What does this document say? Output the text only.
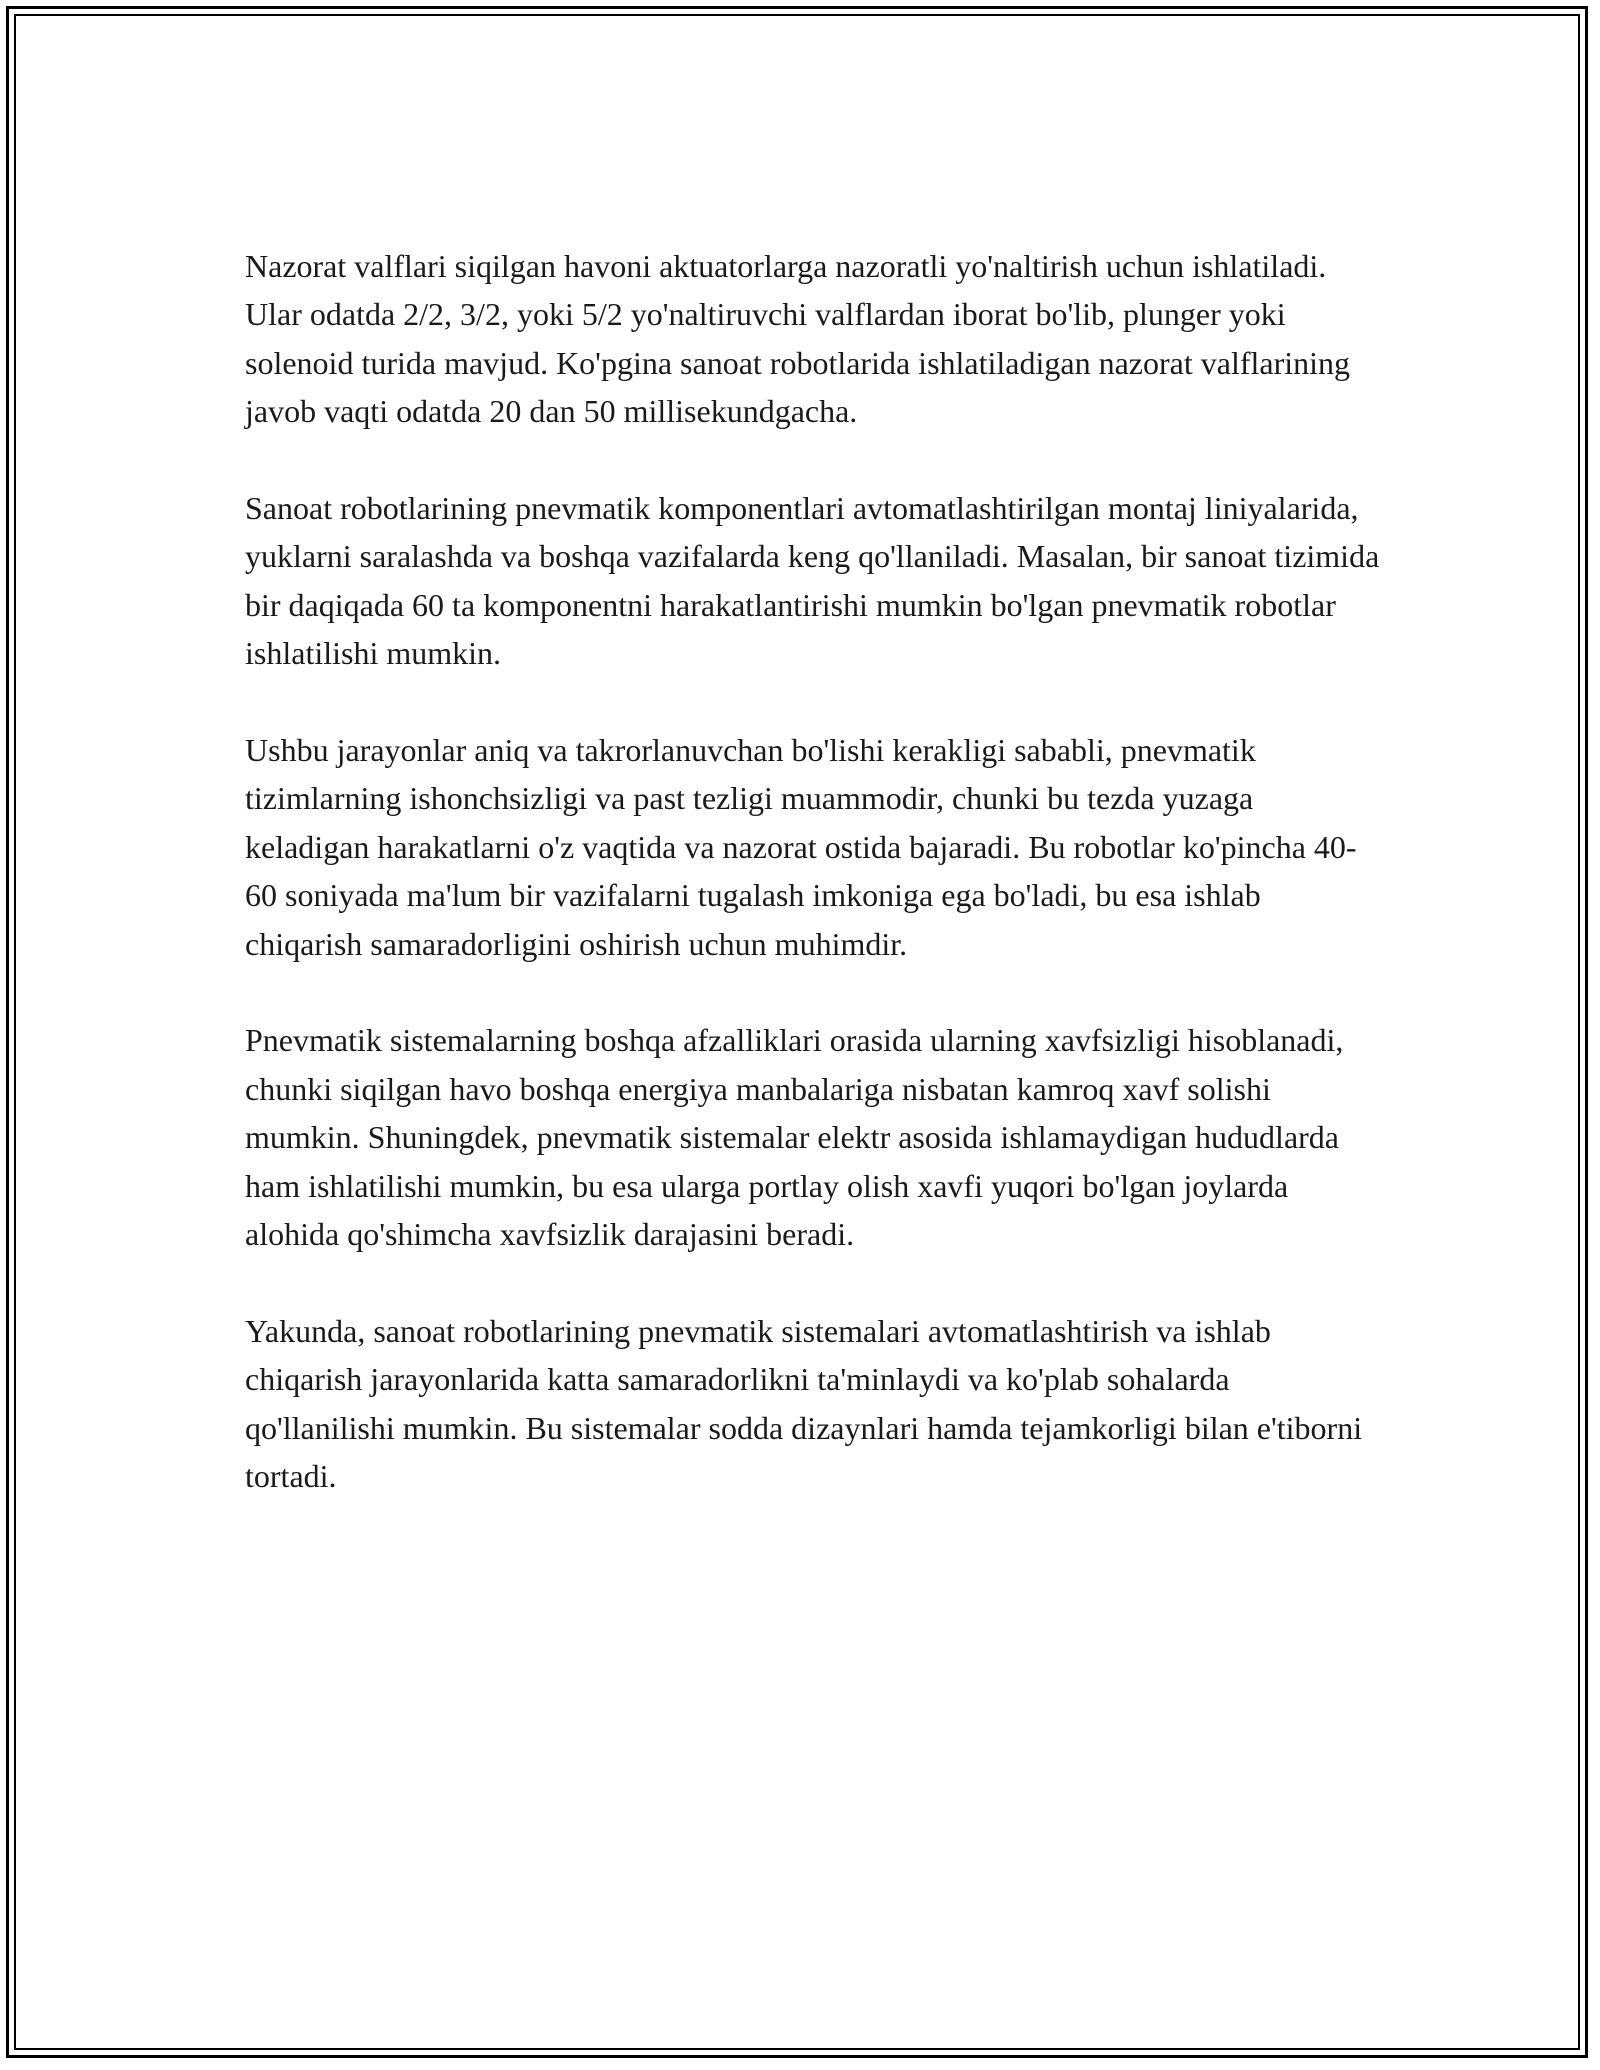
Nazorat valflari siqilgan havoni aktuatorlarga nazoratli yo'naltirish uchun ishlatiladi. Ular odatda 2/2, 3/2, yoki 5/2 yo'naltiruvchi valflardan iborat bo'lib, plunger yoki solenoid turida mavjud. Ko'pgina sanoat robotlarida ishlatiladigan nazorat valflarining javob vaqti odatda 20 dan 50 millisekundgacha.

Sanoat robotlarining pnevmatik komponentlari avtomatlashtirilgan montaj liniyalarida, yuklarni saralashda va boshqa vazifalarda keng qo'llaniladi. Masalan, bir sanoat tizimida bir daqiqada 60 ta komponentni harakatlantirishi mumkin bo'lgan pnevmatik robotlar ishlatilishi mumkin.

Ushbu jarayonlar aniq va takrorlanuvchan bo'lishi kerakligi sababli, pnevmatik tizimlarning ishonchsizligi va past tezligi muammodir, chunki bu tezda yuzaga keladigan harakatlarni o'z vaqtida va nazorat ostida bajaradi. Bu robotlar ko'pincha 40-60 soniyada ma'lum bir vazifalarni tugalash imkoniga ega bo'ladi, bu esa ishlab chiqarish samaradorligini oshirish uchun muhimdir.

Pnevmatik sistemalarning boshqa afzalliklari orasida ularning xavfsizligi hisoblanadi, chunki siqilgan havo boshqa energiya manbalariga nisbatan kamroq xavf solishi mumkin. Shuningdek, pnevmatik sistemalar elektr asosida ishlamaydigan hududlarda ham ishlatilishi mumkin, bu esa ularga portlay olish xavfi yuqori bo'lgan joylarda alohida qo'shimcha xavfsizlik darajasini beradi.

Yakunda, sanoat robotlarining pnevmatik sistemalari avtomatlashtirish va ishlab chiqarish jarayonlarida katta samaradorlikni ta'minlaydi va ko'plab sohalarda qo'llanilishi mumkin. Bu sistemalar sodda dizaynlari hamda tejamkorligi bilan e'tiborni tortadi.
